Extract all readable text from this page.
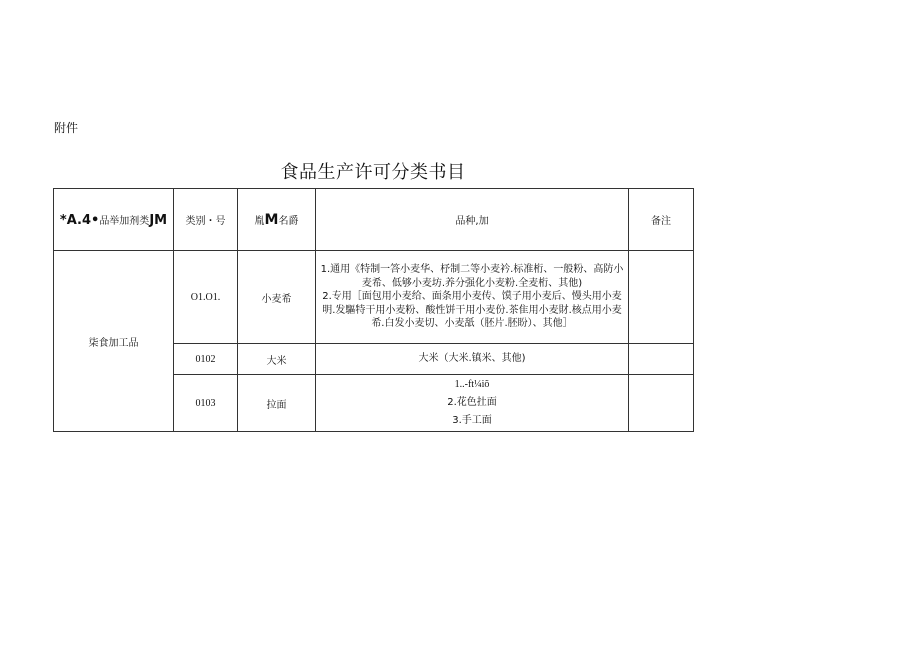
附件
食品生产许可分类书目
*A.4•品举加剂类JM	类别・号	胤M名爵	品种,加	备注
柒食加工品	O1.O1.	小麦希	1.通用《特制一答小麦华、杼制二等小麦衿.标准桁、一般粉、高防小麦希、低够小麦坊.养分强化小麦粉.全麦桁、其他)
2.专用［面包用小麦给、面条用小麦传、馍子用小麦后、慢头用小麦明.发驅特干用小麦粉、酸性饼干用小麦份.茶隹用小麦財.核点用小麦希.白发小麦切、小麦舐（胚片.胚盼）、其他］	

	0102	大米	大米（大米.镇米、其他)	

	0103	拉面	1..-ft¼iõ
2.花色扗面
3.手工面	
